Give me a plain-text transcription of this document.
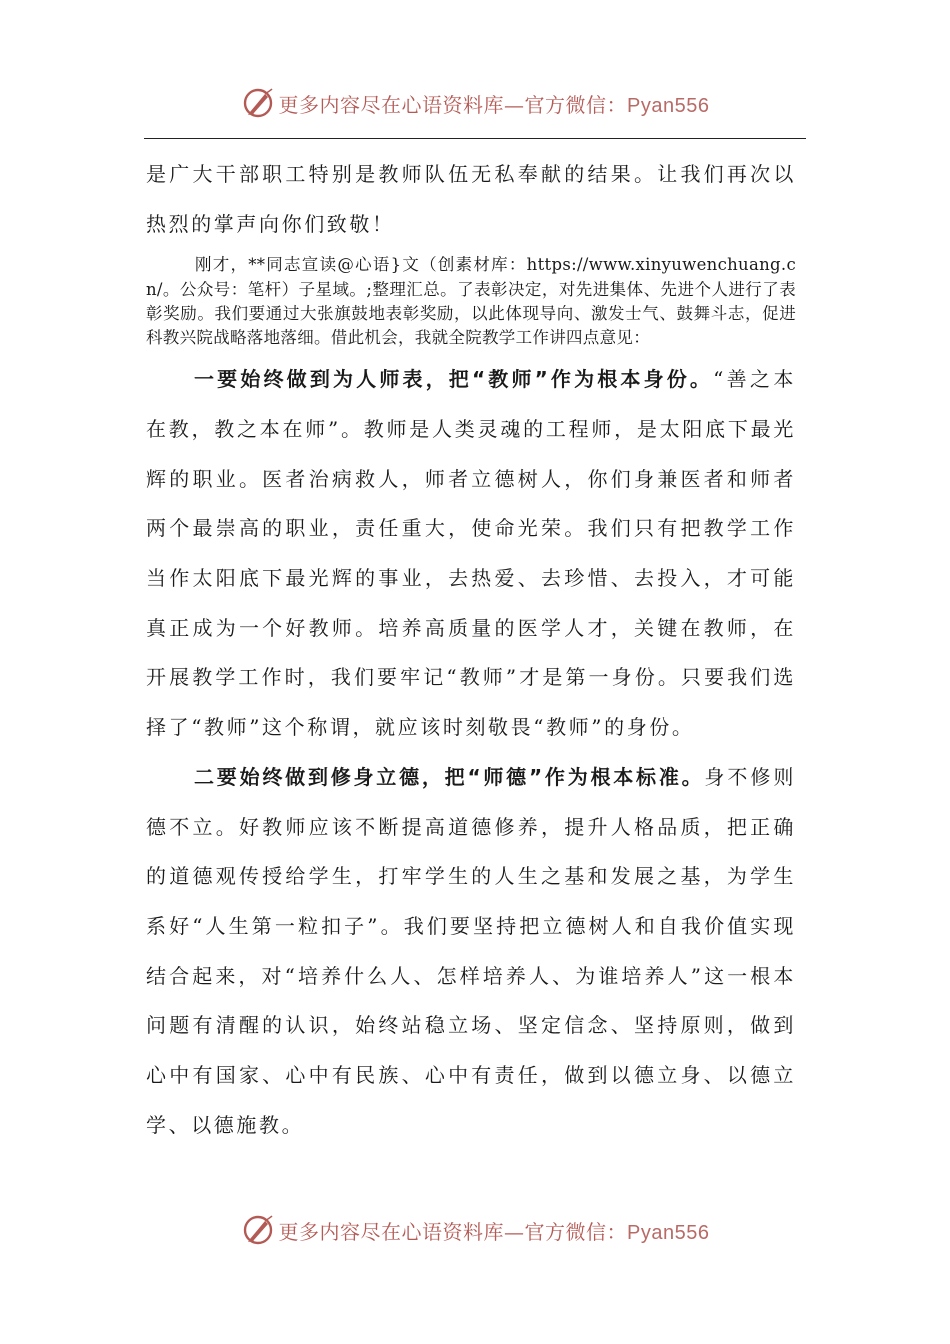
更多内容尽在心语资料库—官方微信：Pyan556

是广大干部职工特别是教师队伍无私奉献的结果。让我们再次以热烈的掌声向你们致敬！

刚才，**同志宣读@心语}文（创素材库：https://www.xinyuwenchuang.cn/。公众号：笔杆）子星域。;整理汇总。了表彰决定，对先进集体、先进个人进行了表彰奖励。我们要通过大张旗鼓地表彰奖励，以此体现导向、激发士气、鼓舞斗志，促进科教兴院战略落地落细。借此机会，我就全院教学工作讲四点意见：

一要始终做到为人师表，把“教师”作为根本身份。“善之本在教，教之本在师”。教师是人类灵魂的工程师，是太阳底下最光辉的职业。医者治病救人，师者立德树人，你们身兼医者和师者两个最崇高的职业，责任重大，使命光荣。我们只有把教学工作当作太阳底下最光辉的事业，去热爱、去珍惜、去投入，才可能真正成为一个好教师。培养高质量的医学人才，关键在教师，在开展教学工作时，我们要牢记“教师”才是第一身份。只要我们选择了“教师”这个称谓，就应该时刻敬畏“教师”的身份。

二要始终做到修身立德，把“师德”作为根本标准。身不修则德不立。好教师应该不断提高道德修养，提升人格品质，把正确的道德观传授给学生，打牢学生的人生之基和发展之基，为学生系好“人生第一粒扣子”。我们要坚持把立德树人和自我价值实现结合起来，对“培养什么人、怎样培养人、为谁培养人”这一根本问题有清醒的认识，始终站稳立场、坚定信念、坚持原则，做到心中有国家、心中有民族、心中有责任，做到以德立身、以德立学、以德施教。

更多内容尽在心语资料库—官方微信：Pyan556
